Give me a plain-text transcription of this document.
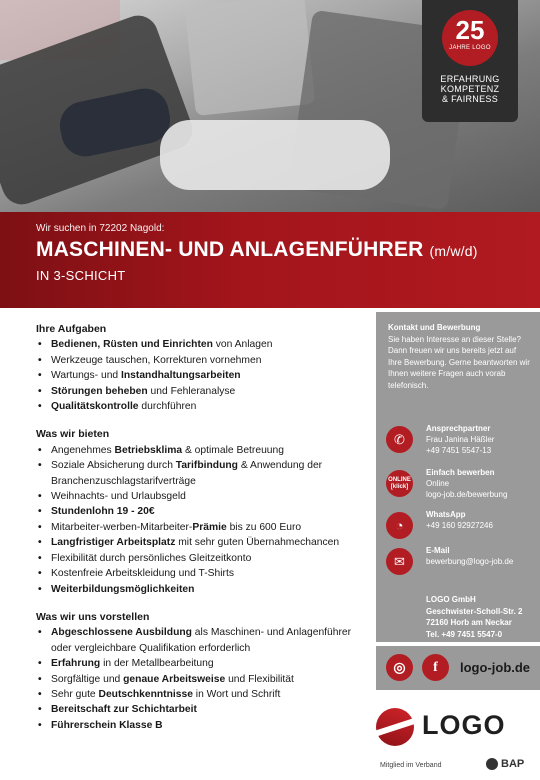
25
JAHRE LOGO
ERFAHRUNG
KOMPETENZ
& FAIRNESS
Wir suchen in 72202 Nagold:
MASCHINEN- UND ANLAGENFÜHRER (m/w/d)
IN 3-SCHICHT
Ihre Aufgaben
• Bedienen, Rüsten und Einrichten von Anlagen
• Werkzeuge tauschen, Korrekturen vornehmen
• Wartungs- und Instandhaltungsarbeiten
• Störungen beheben und Fehleranalyse
• Qualitätskontrolle durchführen
Was wir bieten
• Angenehmes Betriebsklima & optimale Betreuung
• Soziale Absicherung durch Tarifbindung & Anwendung der Branchenzuschlagstarifverträge
• Weihnachts- und Urlaubsgeld
• Stundenlohn 19 - 20€
• Mitarbeiter-werben-Mitarbeiter-Prämie bis zu 600 Euro
• Langfristiger Arbeitsplatz mit sehr guten Übernahmechancen
• Flexibilität durch persönliches Gleitzeitkonto
• Kostenfreie Arbeitskleidung und T-Shirts
• Weiterbildungsmöglichkeiten
Was wir uns vorstellen
• Abgeschlossene Ausbildung als Maschinen- und Anlagenführer oder vergleichbare Qualifikation erforderlich
• Erfahrung in der Metallbearbeitung
• Sorgfältige und genaue Arbeitsweise und Flexibilität
• Sehr gute Deutschkenntnisse in Wort und Schrift
• Bereitschaft zur Schichtarbeit
• Führerschein Klasse B
Kontakt und Bewerbung
Sie haben Interesse an dieser Stelle? Dann freuen wir uns bereits jetzt auf Ihre Bewerbung. Gerne beantworten wir Ihnen weitere Fragen auch vorab telefonisch.
✆
Ansprechpartner
Frau Janina Häßler
+49 7451 5547-13
ONLINE
[klick]
Einfach bewerben
Online
logo-job.de/bewerbung
◔
WhatsApp
+49 160 92927246
✉
E-Mail
bewerbung@logo-job.de
LOGO GmbH
Geschwister-Scholl-Str. 2
72160 Horb am Neckar
Tel. +49 7451 5547-0
◎	f	logo-job.de
LOGO
Mitglied im Verband	BAP
